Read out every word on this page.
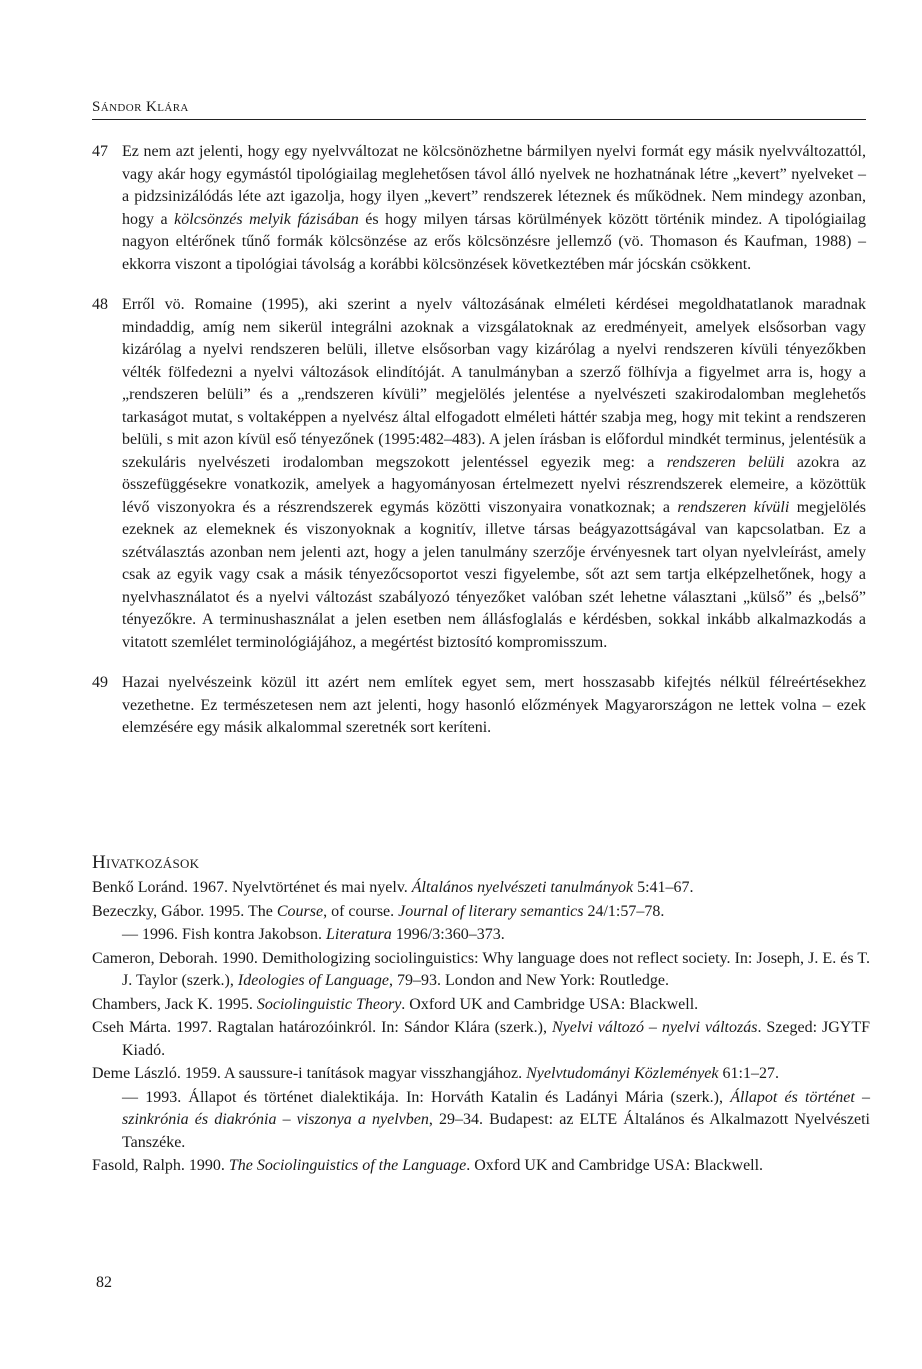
Sándor Klára
47 Ez nem azt jelenti, hogy egy nyelvváltozat ne kölcsönözhetne bármilyen nyelvi formát egy másik nyelvváltozattól, vagy akár hogy egymástól tipológiailag meglehetősen távol álló nyelvek ne hozhatnának létre „kevert” nyelveket – a pidzsinizálódás léte azt igazolja, hogy ilyen „kevert” rendszerek léteznek és működnek. Nem mindegy azonban, hogy a kölcsönzés melyik fázisában és hogy milyen társas körülmények között történik mindez. A tipológiailag nagyon eltérőnek tűnő formák kölcsönzése az erős kölcsönzésre jellemző (vö. Thomason és Kaufman, 1988) – ekkorra viszont a tipológiai távolság a korábbi kölcsönzések következtében már jócskán csökkent.
48 Erről vö. Romaine (1995), aki szerint a nyelv változásának elméleti kérdései megoldhatatlanok maradnak mindaddig, amíg nem sikerül integrálni azoknak a vizsgálatoknak az eredményeit, amelyek elsősorban vagy kizárólag a nyelvi rendszeren belüli, illetve elsősorban vagy kizárólag a nyelvi rendszeren kívüli tényezőkben vélték fölfedezni a nyelvi változások elindítóját. A tanulmányban a szerző fölhívja a figyelmet arra is, hogy a „rendszeren belüli” és a „rendszeren kívüli” megjelölés jelentése a nyelvészeti szakirodalomban meglehetős tarkaságot mutat, s voltaképpen a nyelvész által elfogadott elméleti háttér szabja meg, hogy mit tekint a rendszeren belüli, s mit azon kívül eső tényezőnek (1995:482–483). A jelen írásban is előfordul mindkét terminus, jelentésük a szekuláris nyelvészeti irodalomban megszokott jelentéssel egyezik meg: a rendszeren belüli azokra az összefüggésekre vonatkozik, amelyek a hagyományosan értelmezett nyelvi részrendszerek elemeire, a közöttük lévő viszonyokra és a részrendszerek egymás közötti viszonyaira vonatkoznak; a rendszeren kívüli megjelölés ezeknek az elemeknek és viszonyoknak a kognitív, illetve társas beágyazottságával van kapcsolatban. Ez a szétválasztás azonban nem jelenti azt, hogy a jelen tanulmány szerzője érvényesnek tart olyan nyelvleírást, amely csak az egyik vagy csak a másik tényezőcsoportot veszi figyelembe, sőt azt sem tartja elképzelhetőnek, hogy a nyelvhasználatot és a nyelvi változást szabályozó tényezőket valóban szét lehetne választani „külső” és „belső” tényezőkre. A terminushasználat a jelen esetben nem állásfoglalás e kérdésben, sokkal inkább alkalmazkodás a vitatott szemlélet terminológiájához, a megértést biztosító kompromisszum.
49 Hazai nyelvészeink közül itt azért nem említek egyet sem, mert hosszasabb kifejtés nélkül félreértésekhez vezethetne. Ez természetesen nem azt jelenti, hogy hasonló előzmények Magyarországon ne lettek volna – ezek elemzésére egy másik alkalommal szeretnék sort keríteni.
Hivatkozások
Benkő Loránd. 1967. Nyelvtörténet és mai nyelv. Általános nyelvészeti tanulmányok 5:41–67.
Bezeczky, Gábor. 1995. The Course, of course. Journal of literary semantics 24/1:57–78.
— 1996. Fish kontra Jakobson. Literatura 1996/3:360–373.
Cameron, Deborah. 1990. Demithologizing sociolinguistics: Why language does not reflect society. In: Joseph, J. E. és T. J. Taylor (szerk.), Ideologies of Language, 79–93. London and New York: Routledge.
Chambers, Jack K. 1995. Sociolinguistic Theory. Oxford UK and Cambridge USA: Blackwell.
Cseh Márta. 1997. Ragtalan határozóinkról. In: Sándor Klára (szerk.), Nyelvi változó – nyelvi változás. Szeged: JGYTF Kiadó.
Deme László. 1959. A saussure-i tanítások magyar visszhangjához. Nyelvtudományi Közlemények 61:1–27.
— 1993. Állapot és történet dialektikája. In: Horváth Katalin és Ladányi Mária (szerk.), Állapot és történet – szinkrónia és diakrónia – viszonya a nyelvben, 29–34. Budapest: az ELTE Általános és Alkalmazott Nyelvészeti Tanszéke.
Fasold, Ralph. 1990. The Sociolinguistics of the Language. Oxford UK and Cambridge USA: Blackwell.
82
